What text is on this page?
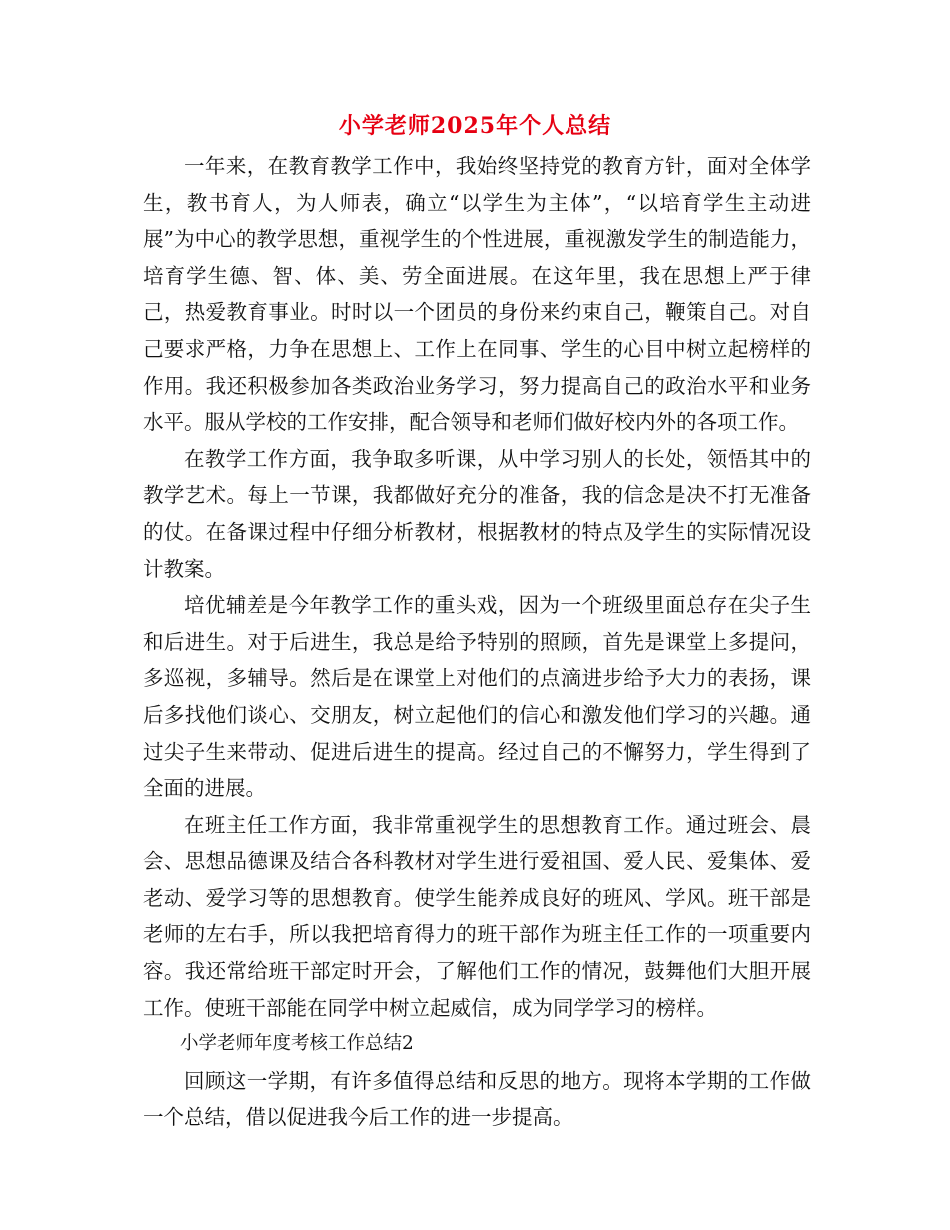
小学老师2025年个人总结

一年来，在教育教学工作中，我始终坚持党的教育方针，面对全体学生，教书育人，为人师表，确立“以学生为主体”，“以培育学生主动进展”为中心的教学思想，重视学生的个性进展，重视激发学生的制造能力，培育学生德、智、体、美、劳全面进展。在这年里，我在思想上严于律己，热爱教育事业。时时以一个团员的身份来约束自己，鞭策自己。对自己要求严格，力争在思想上、工作上在同事、学生的心目中树立起榜样的作用。我还积极参加各类政治业务学习，努力提高自己的政治水平和业务水平。服从学校的工作安排，配合领导和老师们做好校内外的各项工作。

在教学工作方面，我争取多听课，从中学习别人的长处，领悟其中的教学艺术。每上一节课，我都做好充分的准备，我的信念是决不打无准备的仗。在备课过程中仔细分析教材，根据教材的特点及学生的实际情况设计教案。

培优辅差是今年教学工作的重头戏，因为一个班级里面总存在尖子生和后进生。对于后进生，我总是给予特别的照顾，首先是课堂上多提问，多巡视，多辅导。然后是在课堂上对他们的点滴进步给予大力的表扬，课后多找他们谈心、交朋友，树立起他们的信心和激发他们学习的兴趣。通过尖子生来带动、促进后进生的提高。经过自己的不懈努力，学生得到了全面的进展。

在班主任工作方面，我非常重视学生的思想教育工作。通过班会、晨会、思想品德课及结合各科教材对学生进行爱祖国、爱人民、爱集体、爱老动、爱学习等的思想教育。使学生能养成良好的班风、学风。班干部是老师的左右手，所以我把培育得力的班干部作为班主任工作的一项重要内容。我还常给班干部定时开会，了解他们工作的情况，鼓舞他们大胆开展工作。使班干部能在同学中树立起威信，成为同学学习的榜样。

小学老师年度考核工作总结2

回顾这一学期，有许多值得总结和反思的地方。现将本学期的工作做一个总结，借以促进我今后工作的进一步提高。
